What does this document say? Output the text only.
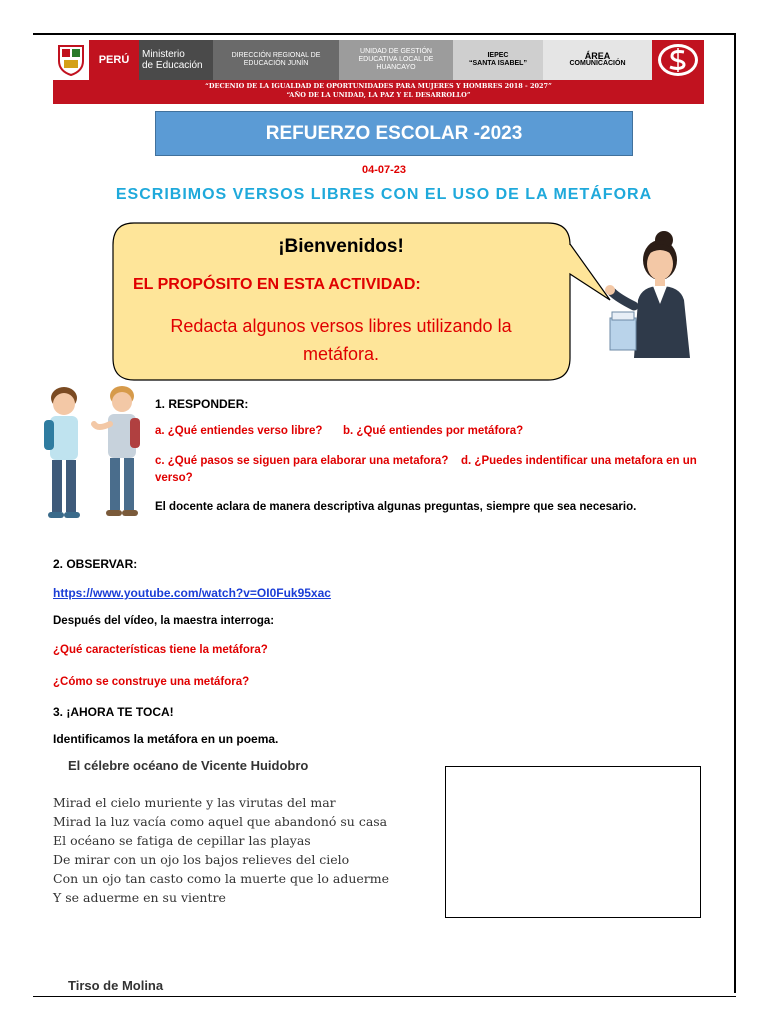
PERÚ	Ministerio
de Educación
DIRECCIÓN REGIONAL DE
EDUCACIÓN JUNÍN
UNIDAD DE GESTIÓN
EDUCATIVA LOCAL DE
HUANCAYO
IEPEC
“SANTA ISABEL”
ÁREA
COMUNICACIÓN
“DECENIO DE LA IGUALDAD DE OPORTUNIDADES PARA MUJERES Y HOMBRES 2018 - 2027”
“AÑO DE LA UNIDAD, LA PAZ Y EL DESARROLLO”
REFUERZO ESCOLAR -2023
04-07-23
ESCRIBIMOS VERSOS LIBRES CON EL USO DE LA METÁFORA
¡Bienvenidos!
EL PROPÓSITO EN ESTA ACTIVIDAD:
Redacta algunos versos libres utilizando la
metáfora.
1. RESPONDER:
a. ¿Qué entiendes verso libre? b. ¿Qué entiendes por metáfora?
c. ¿Qué pasos se siguen para elaborar una metafora? d. ¿Puedes indentificar una metafora en un
verso?
El docente aclara de manera descriptiva algunas preguntas, siempre que sea necesario.
2. OBSERVAR:
https://www.youtube.com/watch?v=OI0Fuk95xac
Después del vídeo, la maestra interroga:
¿Qué características tiene la metáfora?
¿Cómo se construye una metáfora?
3. ¡AHORA TE TOCA!
Identificamos la metáfora en un poema.
El célebre océano de Vicente Huidobro
Mirad el cielo muriente y las virutas del mar
Mirad la luz vacía como aquel que abandonó su casa
El océano se fatiga de cepillar las playas
De mirar con un ojo los bajos relieves del cielo
Con un ojo tan casto como la muerte que lo aduerme
Y se aduerme en su vientre
Tirso de Molina
